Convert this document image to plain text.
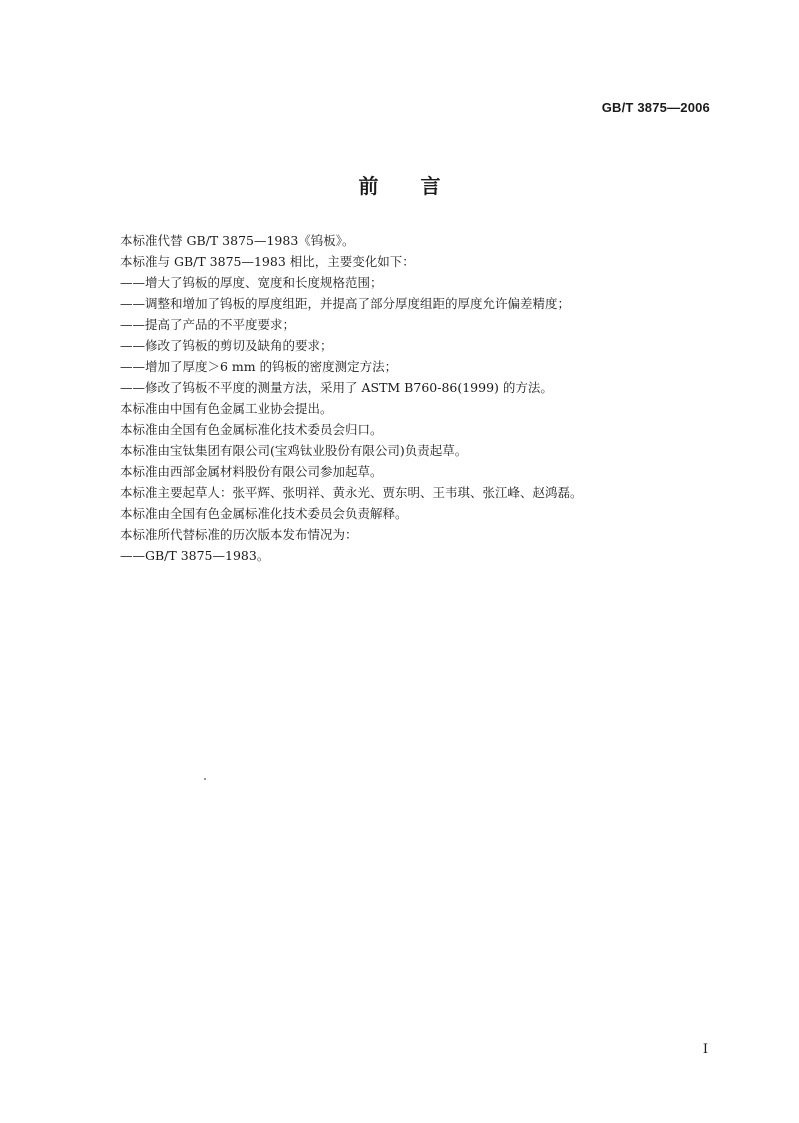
GB/T 3875—2006
前言
本标准代替 GB/T 3875—1983《钨板》。
本标准与 GB/T 3875—1983 相比，主要变化如下：
——增大了钨板的厚度、宽度和长度规格范围；
——调整和增加了钨板的厚度组距，并提高了部分厚度组距的厚度允许偏差精度；
——提高了产品的不平度要求；
——修改了钨板的剪切及缺角的要求；
——增加了厚度＞6 mm 的钨板的密度测定方法；
——修改了钨板不平度的测量方法，采用了 ASTM B760-86(1999) 的方法。
本标准由中国有色金属工业协会提出。
本标准由全国有色金属标准化技术委员会归口。
本标准由宝钛集团有限公司(宝鸡钛业股份有限公司)负责起草。
本标准由西部金属材料股份有限公司参加起草。
本标准主要起草人：张平辉、张明祥、黄永光、贾东明、王韦琪、张江峰、赵鸿磊。
本标准由全国有色金属标准化技术委员会负责解释。
本标准所代替标准的历次版本发布情况为：
——GB/T 3875—1983。
I
